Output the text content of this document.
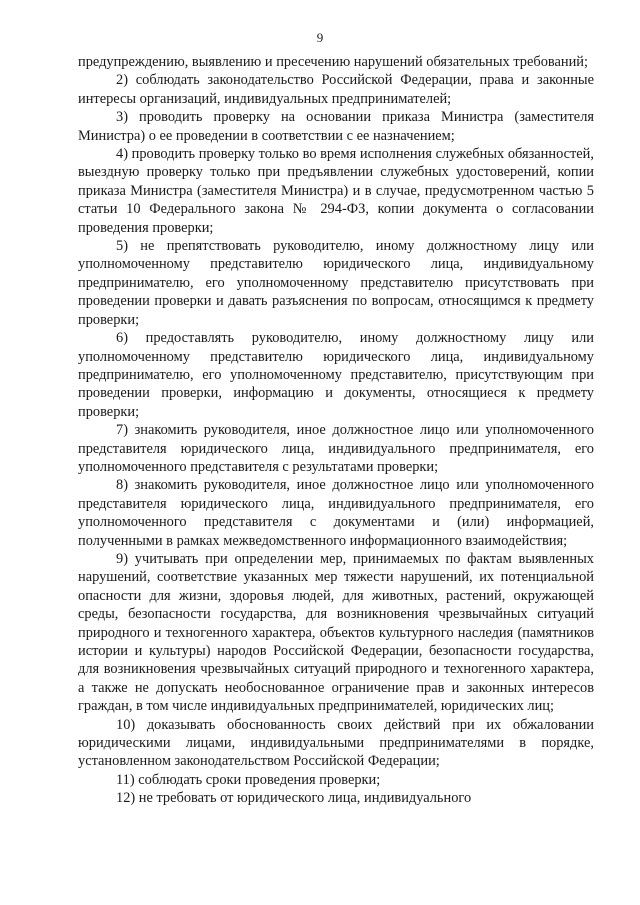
9

предупреждению, выявлению и пресечению нарушений обязательных требований;

2) соблюдать законодательство Российской Федерации, права и законные интересы организаций, индивидуальных предпринимателей;

3) проводить проверку на основании приказа Министра (заместителя Министра) о ее проведении в соответствии с ее назначением;

4) проводить проверку только во время исполнения служебных обязанностей, выездную проверку только при предъявлении служебных удостоверений, копии приказа Министра (заместителя Министра) и в случае, предусмотренном частью 5 статьи 10 Федерального закона № 294-ФЗ, копии документа о согласовании проведения проверки;

5) не препятствовать руководителю, иному должностному лицу или уполномоченному представителю юридического лица, индивидуальному предпринимателю, его уполномоченному представителю присутствовать при проведении проверки и давать разъяснения по вопросам, относящимся к предмету проверки;

6) предоставлять руководителю, иному должностному лицу или уполномоченному представителю юридического лица, индивидуальному предпринимателю, его уполномоченному представителю, присутствующим при проведении проверки, информацию и документы, относящиеся к предмету проверки;

7) знакомить руководителя, иное должностное лицо или уполномоченного представителя юридического лица, индивидуального предпринимателя, его уполномоченного представителя с результатами проверки;

8) знакомить руководителя, иное должностное лицо или уполномоченного представителя юридического лица, индивидуального предпринимателя, его уполномоченного представителя с документами и (или) информацией, полученными в рамках межведомственного информационного взаимодействия;

9) учитывать при определении мер, принимаемых по фактам выявленных нарушений, соответствие указанных мер тяжести нарушений, их потенциальной опасности для жизни, здоровья людей, для животных, растений, окружающей среды, безопасности государства, для возникновения чрезвычайных ситуаций природного и техногенного характера, объектов культурного наследия (памятников истории и культуры) народов Российской Федерации, безопасности государства, для возникновения чрезвычайных ситуаций природного и техногенного характера, а также не допускать необоснованное ограничение прав и законных интересов граждан, в том числе индивидуальных предпринимателей, юридических лиц;

10) доказывать обоснованность своих действий при их обжаловании юридическими лицами, индивидуальными предпринимателями в порядке, установленном законодательством Российской Федерации;

11) соблюдать сроки проведения проверки;

12) не требовать от юридического лица, индивидуального
